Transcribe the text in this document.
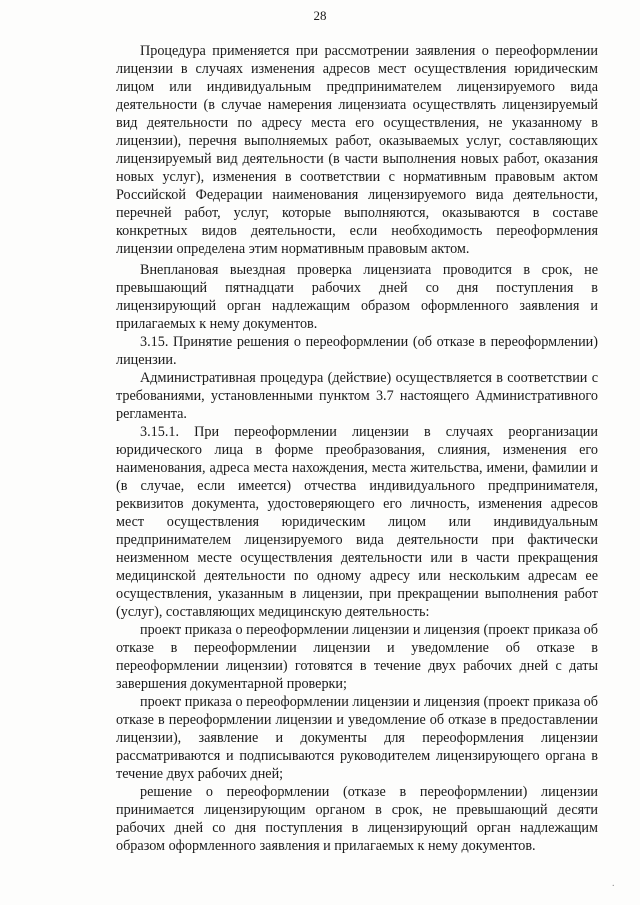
28

Процедура применяется при рассмотрении заявления о переоформлении лицензии в случаях изменения адресов мест осуществления юридическим лицом или индивидуальным предпринимателем лицензируемого вида деятельности (в случае намерения лицензиата осуществлять лицензируемый вид деятельности по адресу места его осуществления, не указанному в лицензии), перечня выполняемых работ, оказываемых услуг, составляющих лицензируемый вид деятельности (в части выполнения новых работ, оказания новых услуг), изменения в соответствии с нормативным правовым актом Российской Федерации наименования лицензируемого вида деятельности, перечней работ, услуг, которые выполняются, оказываются в составе конкретных видов деятельности, если необходимость переоформления лицензии определена этим нормативным правовым актом.

Внеплановая выездная проверка лицензиата проводится в срок, не превышающий пятнадцати рабочих дней со дня поступления в лицензирующий орган надлежащим образом оформленного заявления и прилагаемых к нему документов.

3.15. Принятие решения о переоформлении (об отказе в переоформлении) лицензии.

Административная процедура (действие) осуществляется в соответствии с требованиями, установленными пунктом 3.7 настоящего Административного регламента.

3.15.1. При переоформлении лицензии в случаях реорганизации юридического лица в форме преобразования, слияния, изменения его наименования, адреса места нахождения, места жительства, имени, фамилии и (в случае, если имеется) отчества индивидуального предпринимателя, реквизитов документа, удостоверяющего его личность, изменения адресов мест осуществления юридическим лицом или индивидуальным предпринимателем лицензируемого вида деятельности при фактически неизменном месте осуществления деятельности или в части прекращения медицинской деятельности по одному адресу или нескольким адресам ее осуществления, указанным в лицензии, при прекращении выполнения работ (услуг), составляющих медицинскую деятельность:

проект приказа о переоформлении лицензии и лицензия (проект приказа об отказе в переоформлении лицензии и уведомление об отказе в переоформлении лицензии) готовятся в течение двух рабочих дней с даты завершения документарной проверки;

проект приказа о переоформлении лицензии и лицензия (проект приказа об отказе в переоформлении лицензии и уведомление об отказе в предоставлении лицензии), заявление и документы для переоформления лицензии рассматриваются и подписываются руководителем лицензирующего органа в течение двух рабочих дней;

решение о переоформлении (отказе в переоформлении) лицензии принимается лицензирующим органом в срок, не превышающий десяти рабочих дней со дня поступления в лицензирующий орган надлежащим образом оформленного заявления и прилагаемых к нему документов.

.
